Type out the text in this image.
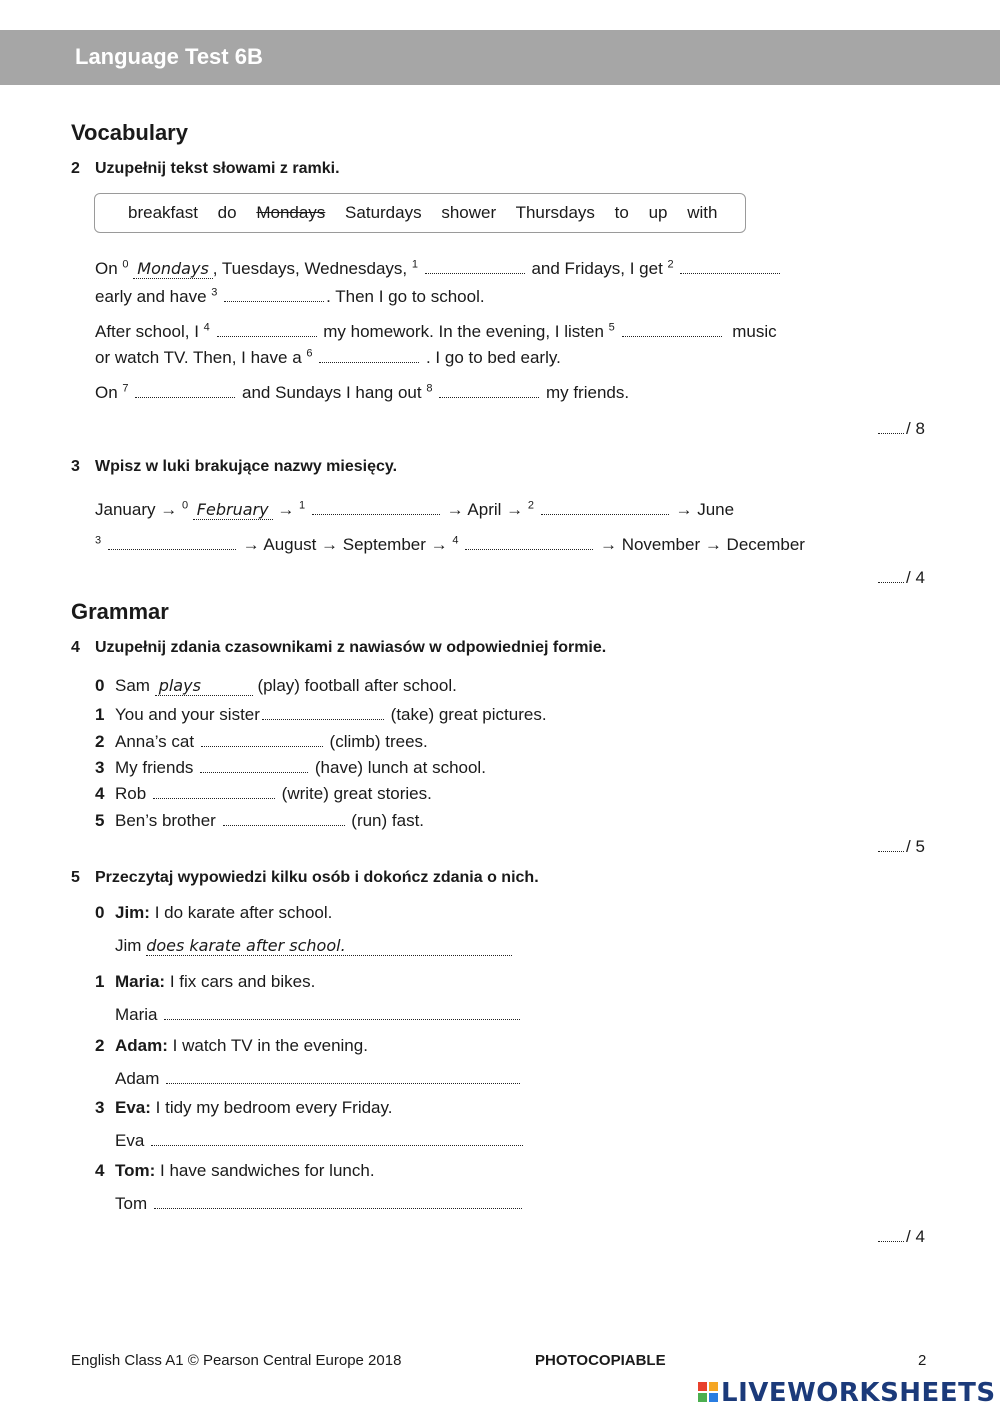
Language Test 6B
Vocabulary
2 Uzupełnij tekst słowami z ramki.
breakfast do Mondays Saturdays shower Thursdays to up with
On $^0$ Mondays , Tuesdays, Wednesdays, $^1$	and Fridays, I get $^2$
early and have $^3$	. Then I go to school.
After school, I $^4$	my homework. In the evening, I listen $^5$	music
or watch TV. Then, I have a $^6$	. I go to bed early.
On $^7$	and Sundays I hang out $^8$	my friends.
/ 8
3 Wpisz w luki brakujące nazwy miesięcy.
January → $^0$ February → $^1$	→ April → $^2$	→ June
$^3$	→ August → September → $^4$	→ November → December
/ 4
Grammar
4 Uzupełnij zdania czasownikami z nawiasów w odpowiedniej formie.
0 Sam plays	(play) football after school.
1 You and your sister	(take) great pictures.
2 Anna’s cat	(climb) trees.
3 My friends	(have) lunch at school.
4 Rob	(write) great stories.
5 Ben’s brother	(run) fast.
/ 5
5 Przeczytaj wypowiedzi kilku osób i dokończ zdania o nich.
0 Jim: I do karate after school.
Jim does karate after school.
1 Maria: I fix cars and bikes.
Maria
2 Adam: I watch TV in the evening.
Adam
3 Eva: I tidy my bedroom every Friday.
Eva
4 Tom: I have sandwiches for lunch.
Tom
/ 4
English Class A1 © Pearson Central Europe 2018	PHOTOCOPIABLE	2
LIVEWORKSHEETS
